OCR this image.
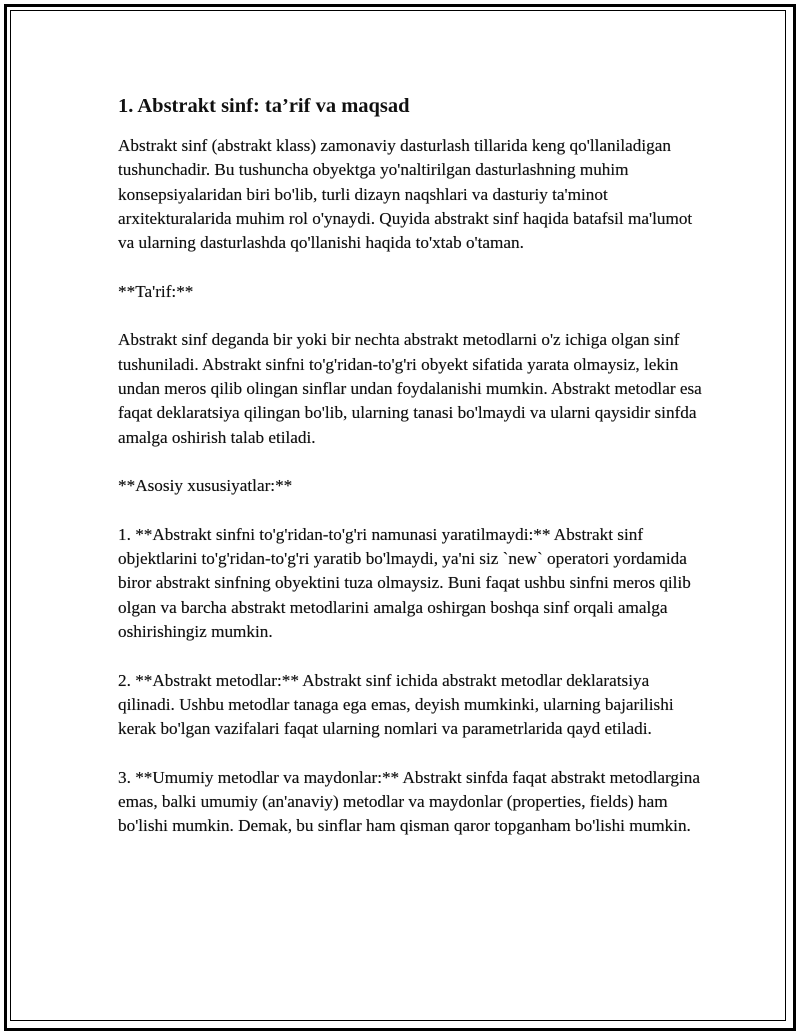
1. Abstrakt sinf: ta’rif va maqsad

Abstrakt sinf (abstrakt klass) zamonaviy dasturlash tillarida keng qo'llaniladigan tushunchadir. Bu tushuncha obyektga yo'naltirilgan dasturlashning muhim konsepsiyalaridan biri bo'lib, turli dizayn naqshlari va dasturiy ta'minot arxitekturalarida muhim rol o'ynaydi. Quyida abstrakt sinf haqida batafsil ma'lumot va ularning dasturlashda qo'llanishi haqida to'xtab o'taman.

**Ta'rif:**

Abstrakt sinf deganda bir yoki bir nechta abstrakt metodlarni o'z ichiga olgan sinf tushuniladi. Abstrakt sinfni to'g'ridan-to'g'ri obyekt sifatida yarata olmaysiz, lekin undan meros qilib olingan sinflar undan foydalanishi mumkin. Abstrakt metodlar esa faqat deklaratsiya qilingan bo'lib, ularning tanasi bo'lmaydi va ularni qaysidir sinfda amalga oshirish talab etiladi.

**Asosiy xususiyatlar:**

1. **Abstrakt sinfni to'g'ridan-to'g'ri namunasi yaratilmaydi:** Abstrakt sinf objektlarini to'g'ridan-to'g'ri yaratib bo'lmaydi, ya'ni siz `new` operatori yordamida biror abstrakt sinfning obyektini tuza olmaysiz. Buni faqat ushbu sinfni meros qilib olgan va barcha abstrakt metodlarini amalga oshirgan boshqa sinf orqali amalga oshirishingiz mumkin.

2. **Abstrakt metodlar:** Abstrakt sinf ichida abstrakt metodlar deklaratsiya qilinadi. Ushbu metodlar tanaga ega emas, deyish mumkinki, ularning bajarilishi kerak bo'lgan vazifalari faqat ularning nomlari va parametrlarida qayd etiladi.

3. **Umumiy metodlar va maydonlar:** Abstrakt sinfda faqat abstrakt metodlargina emas, balki umumiy (an'anaviy) metodlar va maydonlar (properties, fields) ham bo'lishi mumkin. Demak, bu sinflar ham qisman qaror topganham bo'lishi mumkin.
